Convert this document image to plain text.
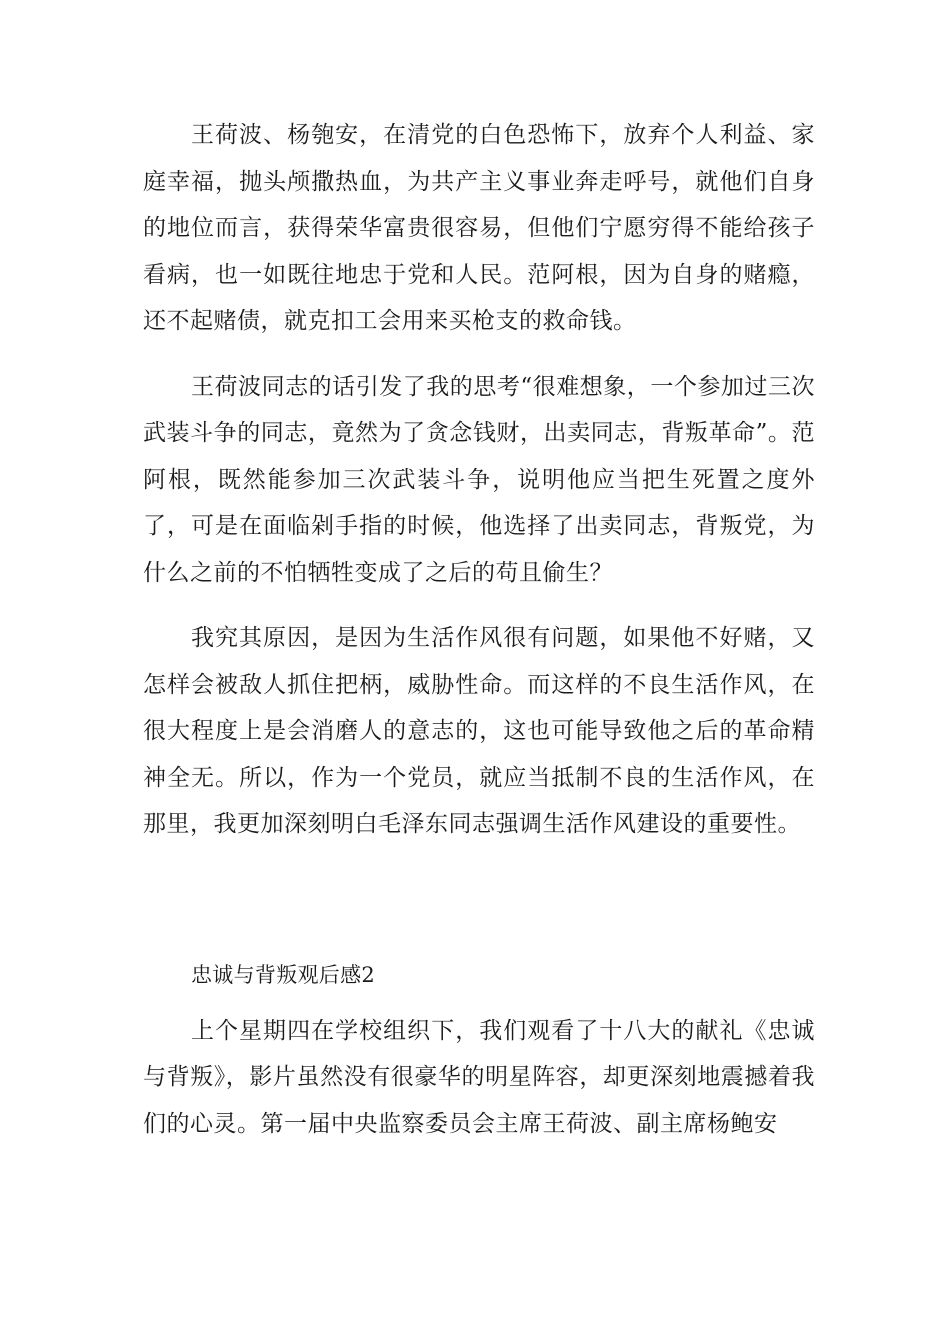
王荷波、杨匏安，在清党的白色恐怖下，放弃个人利益、家庭幸福，抛头颅撒热血，为共产主义事业奔走呼号，就他们自身的地位而言，获得荣华富贵很容易，但他们宁愿穷得不能给孩子看病，也一如既往地忠于党和人民。范阿根，因为自身的赌瘾，还不起赌债，就克扣工会用来买枪支的救命钱。

王荷波同志的话引发了我的思考“很难想象，一个参加过三次武装斗争的同志，竟然为了贪念钱财，出卖同志，背叛革命”。范阿根，既然能参加三次武装斗争，说明他应当把生死置之度外了，可是在面临剁手指的时候，他选择了出卖同志，背叛党，为什么之前的不怕牺牲变成了之后的苟且偷生？

我究其原因，是因为生活作风很有问题，如果他不好赌，又怎样会被敌人抓住把柄，威胁性命。而这样的不良生活作风，在很大程度上是会消磨人的意志的，这也可能导致他之后的革命精神全无。所以，作为一个党员，就应当抵制不良的生活作风，在那里，我更加深刻明白毛泽东同志强调生活作风建设的重要性。

忠诚与背叛观后感2

上个星期四在学校组织下，我们观看了十八大的献礼《忠诚与背叛》，影片虽然没有很豪华的明星阵容，却更深刻地震撼着我们的心灵。第一届中央监察委员会主席王荷波、副主席杨鲍安
